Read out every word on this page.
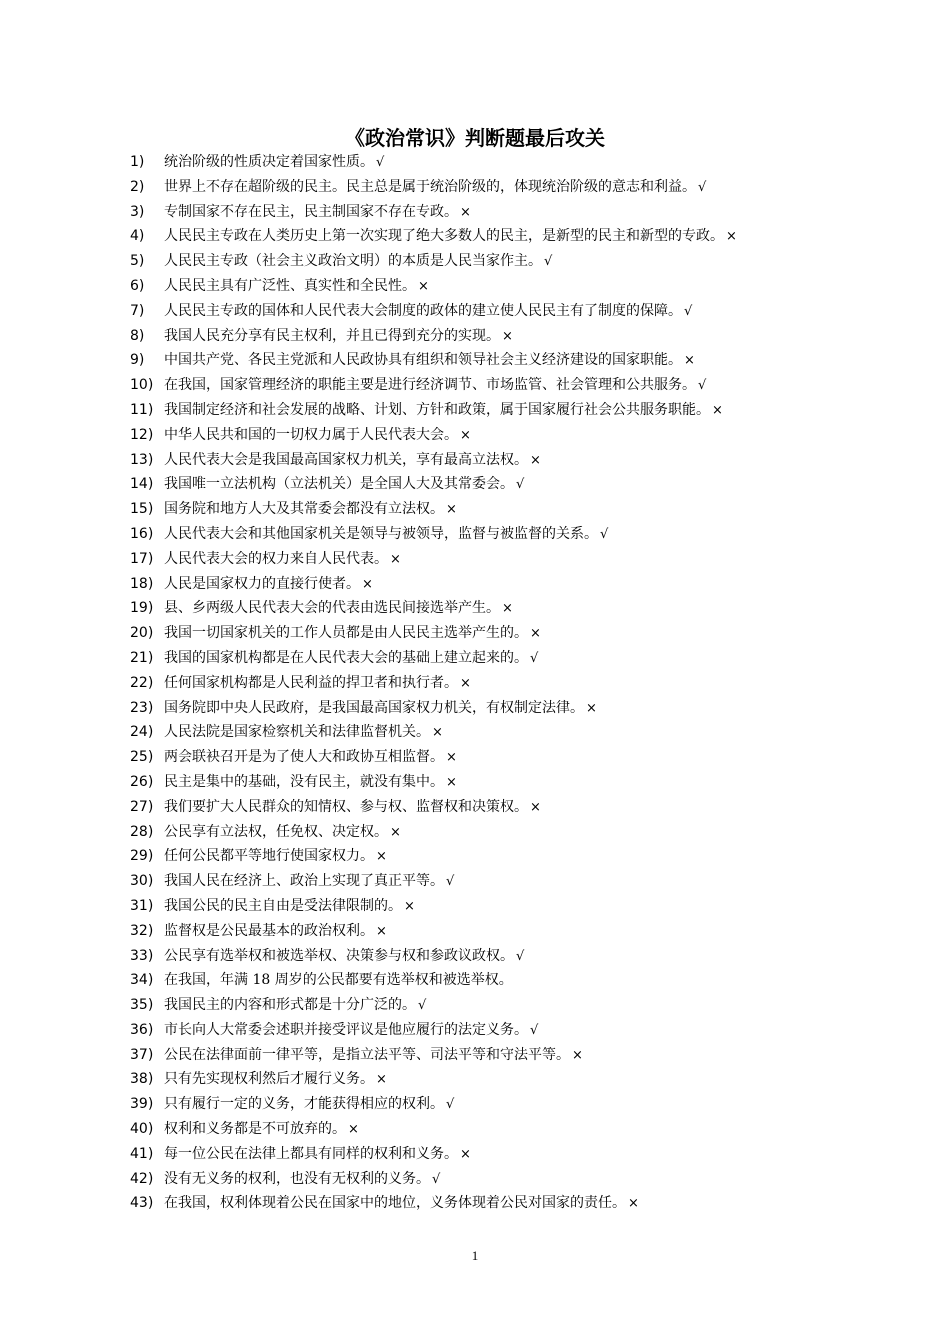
《政治常识》判断题最后攻关
1)	统治阶级的性质决定着国家性质。 √
2)	世界上不存在超阶级的民主。民主总是属于统治阶级的，体现统治阶级的意志和利益。 √
3)	专制国家不存在民主，民主制国家不存在专政。 ×
4)	人民民主专政在人类历史上第一次实现了绝大多数人的民主，是新型的民主和新型的专政。 ×
5)	人民民主专政（社会主义政治文明）的本质是人民当家作主。 √
6)	人民民主具有广泛性、真实性和全民性。 ×
7)	人民民主专政的国体和人民代表大会制度的政体的建立使人民民主有了制度的保障。 √
8)	我国人民充分享有民主权利，并且已得到充分的实现。 ×
9)	中国共产党、各民主党派和人民政协具有组织和领导社会主义经济建设的国家职能。 ×
10) 在我国，国家管理经济的职能主要是进行经济调节、市场监管、社会管理和公共服务。 √
11) 我国制定经济和社会发展的战略、计划、方针和政策，属于国家履行社会公共服务职能。 ×
12) 中华人民共和国的一切权力属于人民代表大会。 ×
13) 人民代表大会是我国最高国家权力机关，享有最高立法权。 ×
14) 我国唯一立法机构（立法机关）是全国人大及其常委会。 √
15) 国务院和地方人大及其常委会都没有立法权。 ×
16) 人民代表大会和其他国家机关是领导与被领导，监督与被监督的关系。 √
17) 人民代表大会的权力来自人民代表。 ×
18) 人民是国家权力的直接行使者。 ×
19) 县、乡两级人民代表大会的代表由选民间接选举产生。 ×
20) 我国一切国家机关的工作人员都是由人民民主选举产生的。 ×
21) 我国的国家机构都是在人民代表大会的基础上建立起来的。 √
22) 任何国家机构都是人民利益的捍卫者和执行者。 ×
23) 国务院即中央人民政府，是我国最高国家权力机关，有权制定法律。 ×
24) 人民法院是国家检察机关和法律监督机关。 ×
25) 两会联袂召开是为了使人大和政协互相监督。 ×
26) 民主是集中的基础，没有民主，就没有集中。 ×
27) 我们要扩大人民群众的知情权、参与权、监督权和决策权。 ×
28) 公民享有立法权，任免权、决定权。 ×
29) 任何公民都平等地行使国家权力。 ×
30) 我国人民在经济上、政治上实现了真正平等。 √
31) 我国公民的民主自由是受法律限制的。 ×
32) 监督权是公民最基本的政治权利。 ×
33) 公民享有选举权和被选举权、决策参与权和参政议政权。 √
34) 在我国，年满 18 周岁的公民都要有选举权和被选举权。
35) 我国民主的内容和形式都是十分广泛的。 √
36) 市长向人大常委会述职并接受评议是他应履行的法定义务。 √
37) 公民在法律面前一律平等，是指立法平等、司法平等和守法平等。 ×
38) 只有先实现权利然后才履行义务。 ×
39) 只有履行一定的义务，才能获得相应的权利。 √
40) 权利和义务都是不可放弃的。 ×
41) 每一位公民在法律上都具有同样的权利和义务。 ×
42) 没有无义务的权利，也没有无权利的义务。 √
43) 在我国，权利体现着公民在国家中的地位，义务体现着公民对国家的责任。 ×
1
